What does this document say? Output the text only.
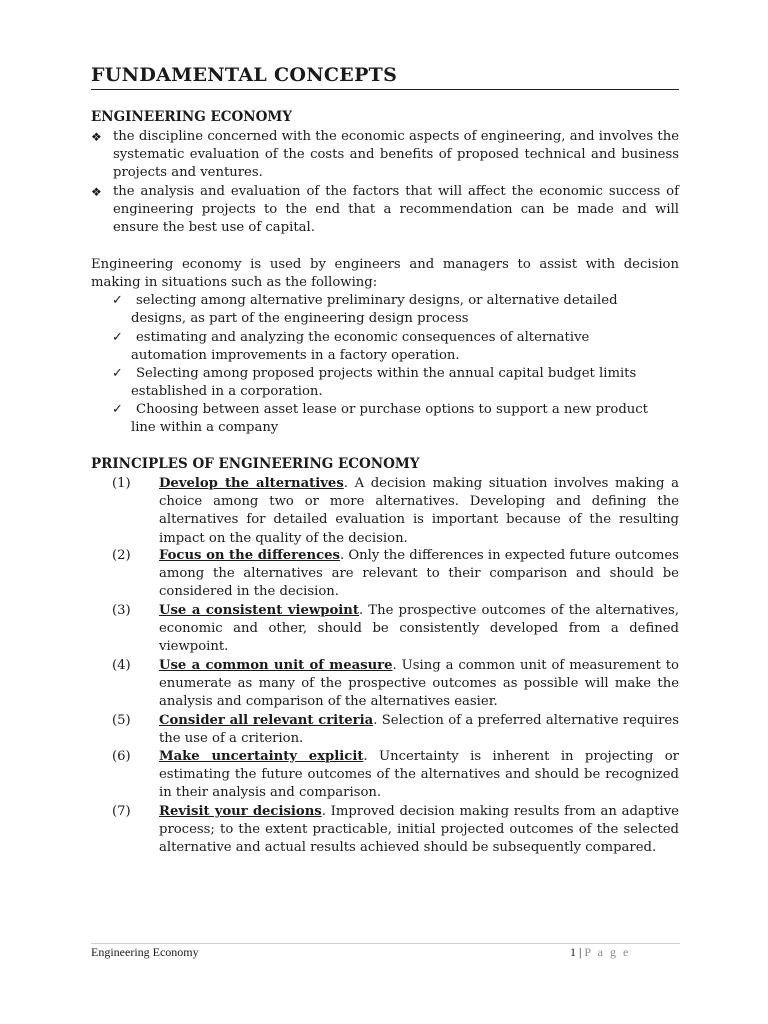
FUNDAMENTAL CONCEPTS
ENGINEERING ECONOMY
❖ the discipline concerned with the economic aspects of engineering, and involves the systematic evaluation of the costs and benefits of proposed technical and business projects and ventures.
❖ the analysis and evaluation of the factors that will affect the economic success of engineering projects to the end that a recommendation can be made and will ensure the best use of capital.
Engineering economy is used by engineers and managers to assist with decision making in situations such as the following:
✓ selecting among alternative preliminary designs, or alternative detailed
designs, as part of the engineering design process
✓ estimating and analyzing the economic consequences of alternative
automation improvements in a factory operation.
✓ Selecting among proposed projects within the annual capital budget limits
established in a corporation.
✓ Choosing between asset lease or purchase options to support a new product
line within a company
PRINCIPLES OF ENGINEERING ECONOMY
(1) Develop the alternatives. A decision making situation involves making a choice among two or more alternatives. Developing and defining the alternatives for detailed evaluation is important because of the resulting impact on the quality of the decision.
(2) Focus on the differences. Only the differences in expected future outcomes among the alternatives are relevant to their comparison and should be considered in the decision.
(3) Use a consistent viewpoint. The prospective outcomes of the alternatives, economic and other, should be consistently developed from a defined viewpoint.
(4) Use a common unit of measure. Using a common unit of measurement to enumerate as many of the prospective outcomes as possible will make the analysis and comparison of the alternatives easier.
(5) Consider all relevant criteria. Selection of a preferred alternative requires the use of a criterion.
(6) Make uncertainty explicit. Uncertainty is inherent in projecting or estimating the future outcomes of the alternatives and should be recognized in their analysis and comparison.
(7) Revisit your decisions. Improved decision making results from an adaptive process; to the extent practicable, initial projected outcomes of the selected alternative and actual results achieved should be subsequently compared.
Engineering Economy	1 | P a g e
